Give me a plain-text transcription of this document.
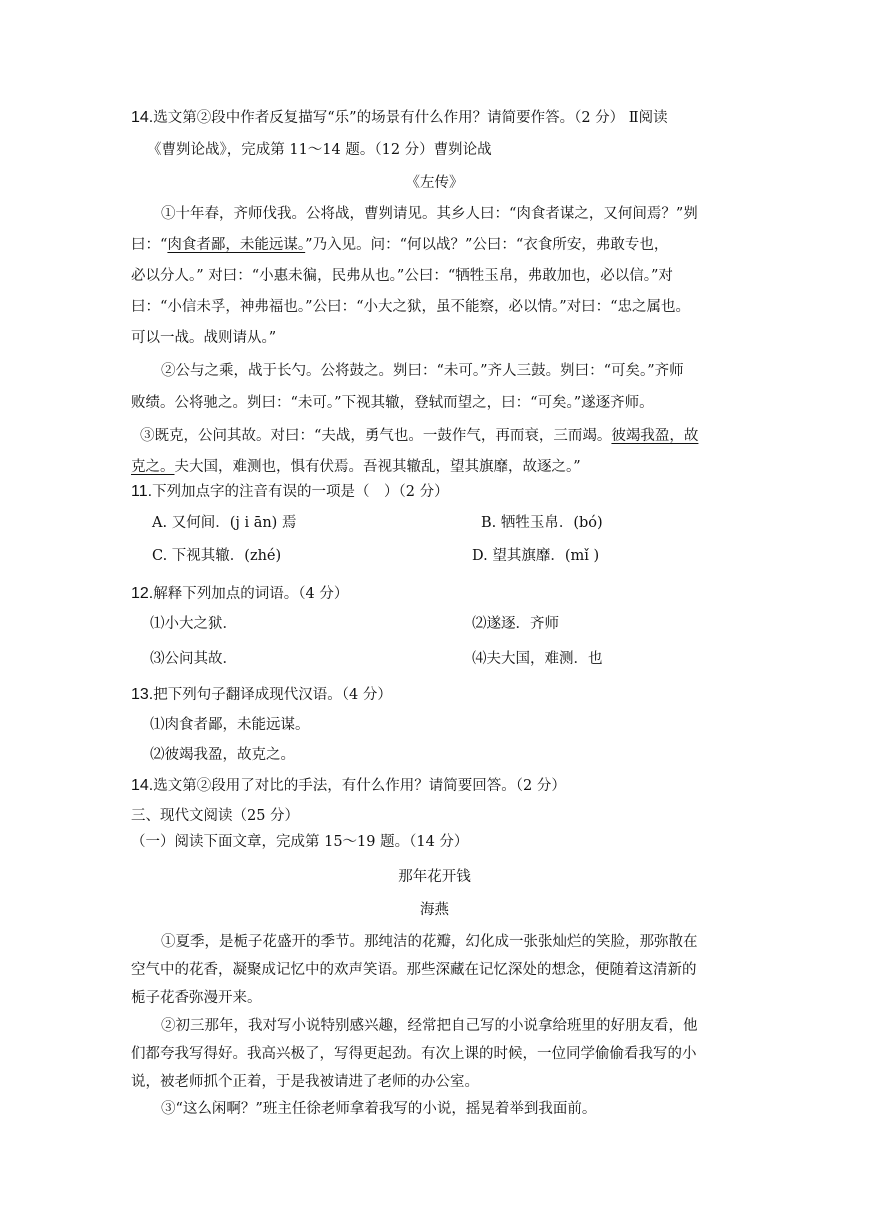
14.选文第②段中作者反复描写“乐”的场景有什么作用？请简要作答。（2 分） Ⅱ阅读
《曹刿论战》，完成第 11～14 题。（12 分）曹刿论战
《左传》
①十年春，齐师伐我。公将战，曹刿请见。其乡人曰：“肉食者谋之，又何间焉？”刿
曰：“肉食者鄙，未能远谋。”乃入见。问：“何以战？”公曰：“衣食所安，弗敢专也，
必以分人。” 对曰：“小惠未徧，民弗从也。”公曰：“牺牲玉帛，弗敢加也，必以信。”对
曰：“小信未孚，神弗福也。”公曰：“小大之狱，虽不能察，必以情。”对曰：“忠之属也。
可以一战。战则请从。”
②公与之乘，战于长勺。公将鼓之。刿曰：“未可。”齐人三鼓。刿曰：“可矣。”齐师
败绩。公将驰之。刿曰：“未可。”下视其辙，登轼而望之，曰：“可矣。”遂逐齐师。
③既克，公问其故。对曰：“夫战，勇气也。一鼓作气，再而衰，三而竭。彼竭我盈，故
克之。夫大国，难测也，惧有伏焉。吾视其辙乱，望其旗靡，故逐之。”
11.下列加点字的注音有误的一项是（　）（2 分）
A. 又何间．(j i ān) 焉	B. 牺牲玉帛．(bó)
C. 下视其辙．(zhé)	D. 望其旗靡．(mǐ )
12.解释下列加点的词语。（4 分）
⑴小大之狱．	⑵遂逐．齐师
⑶公问其故．	⑷夫大国，难测．也
13.把下列句子翻译成现代汉语。（4 分）
⑴肉食者鄙，未能远谋。
⑵彼竭我盈，故克之。
14.选文第②段用了对比的手法，有什么作用？请简要回答。（2 分）
三、现代文阅读（25 分）
（一）阅读下面文章，完成第 15～19 题。（14 分）
那年花开钱
海燕
①夏季，是栀子花盛开的季节。那纯洁的花瓣，幻化成一张张灿烂的笑脸，那弥散在
空气中的花香，凝聚成记忆中的欢声笑语。那些深藏在记忆深处的想念，便随着这清新的
栀子花香弥漫开来。
②初三那年，我对写小说特别感兴趣，经常把自己写的小说拿给班里的好朋友看，他
们都夸我写得好。我高兴极了，写得更起劲。有次上课的时候，一位同学偷偷看我写的小
说，被老师抓个正着，于是我被请进了老师的办公室。
③“这么闲啊？”班主任徐老师拿着我写的小说，摇晃着举到我面前。
